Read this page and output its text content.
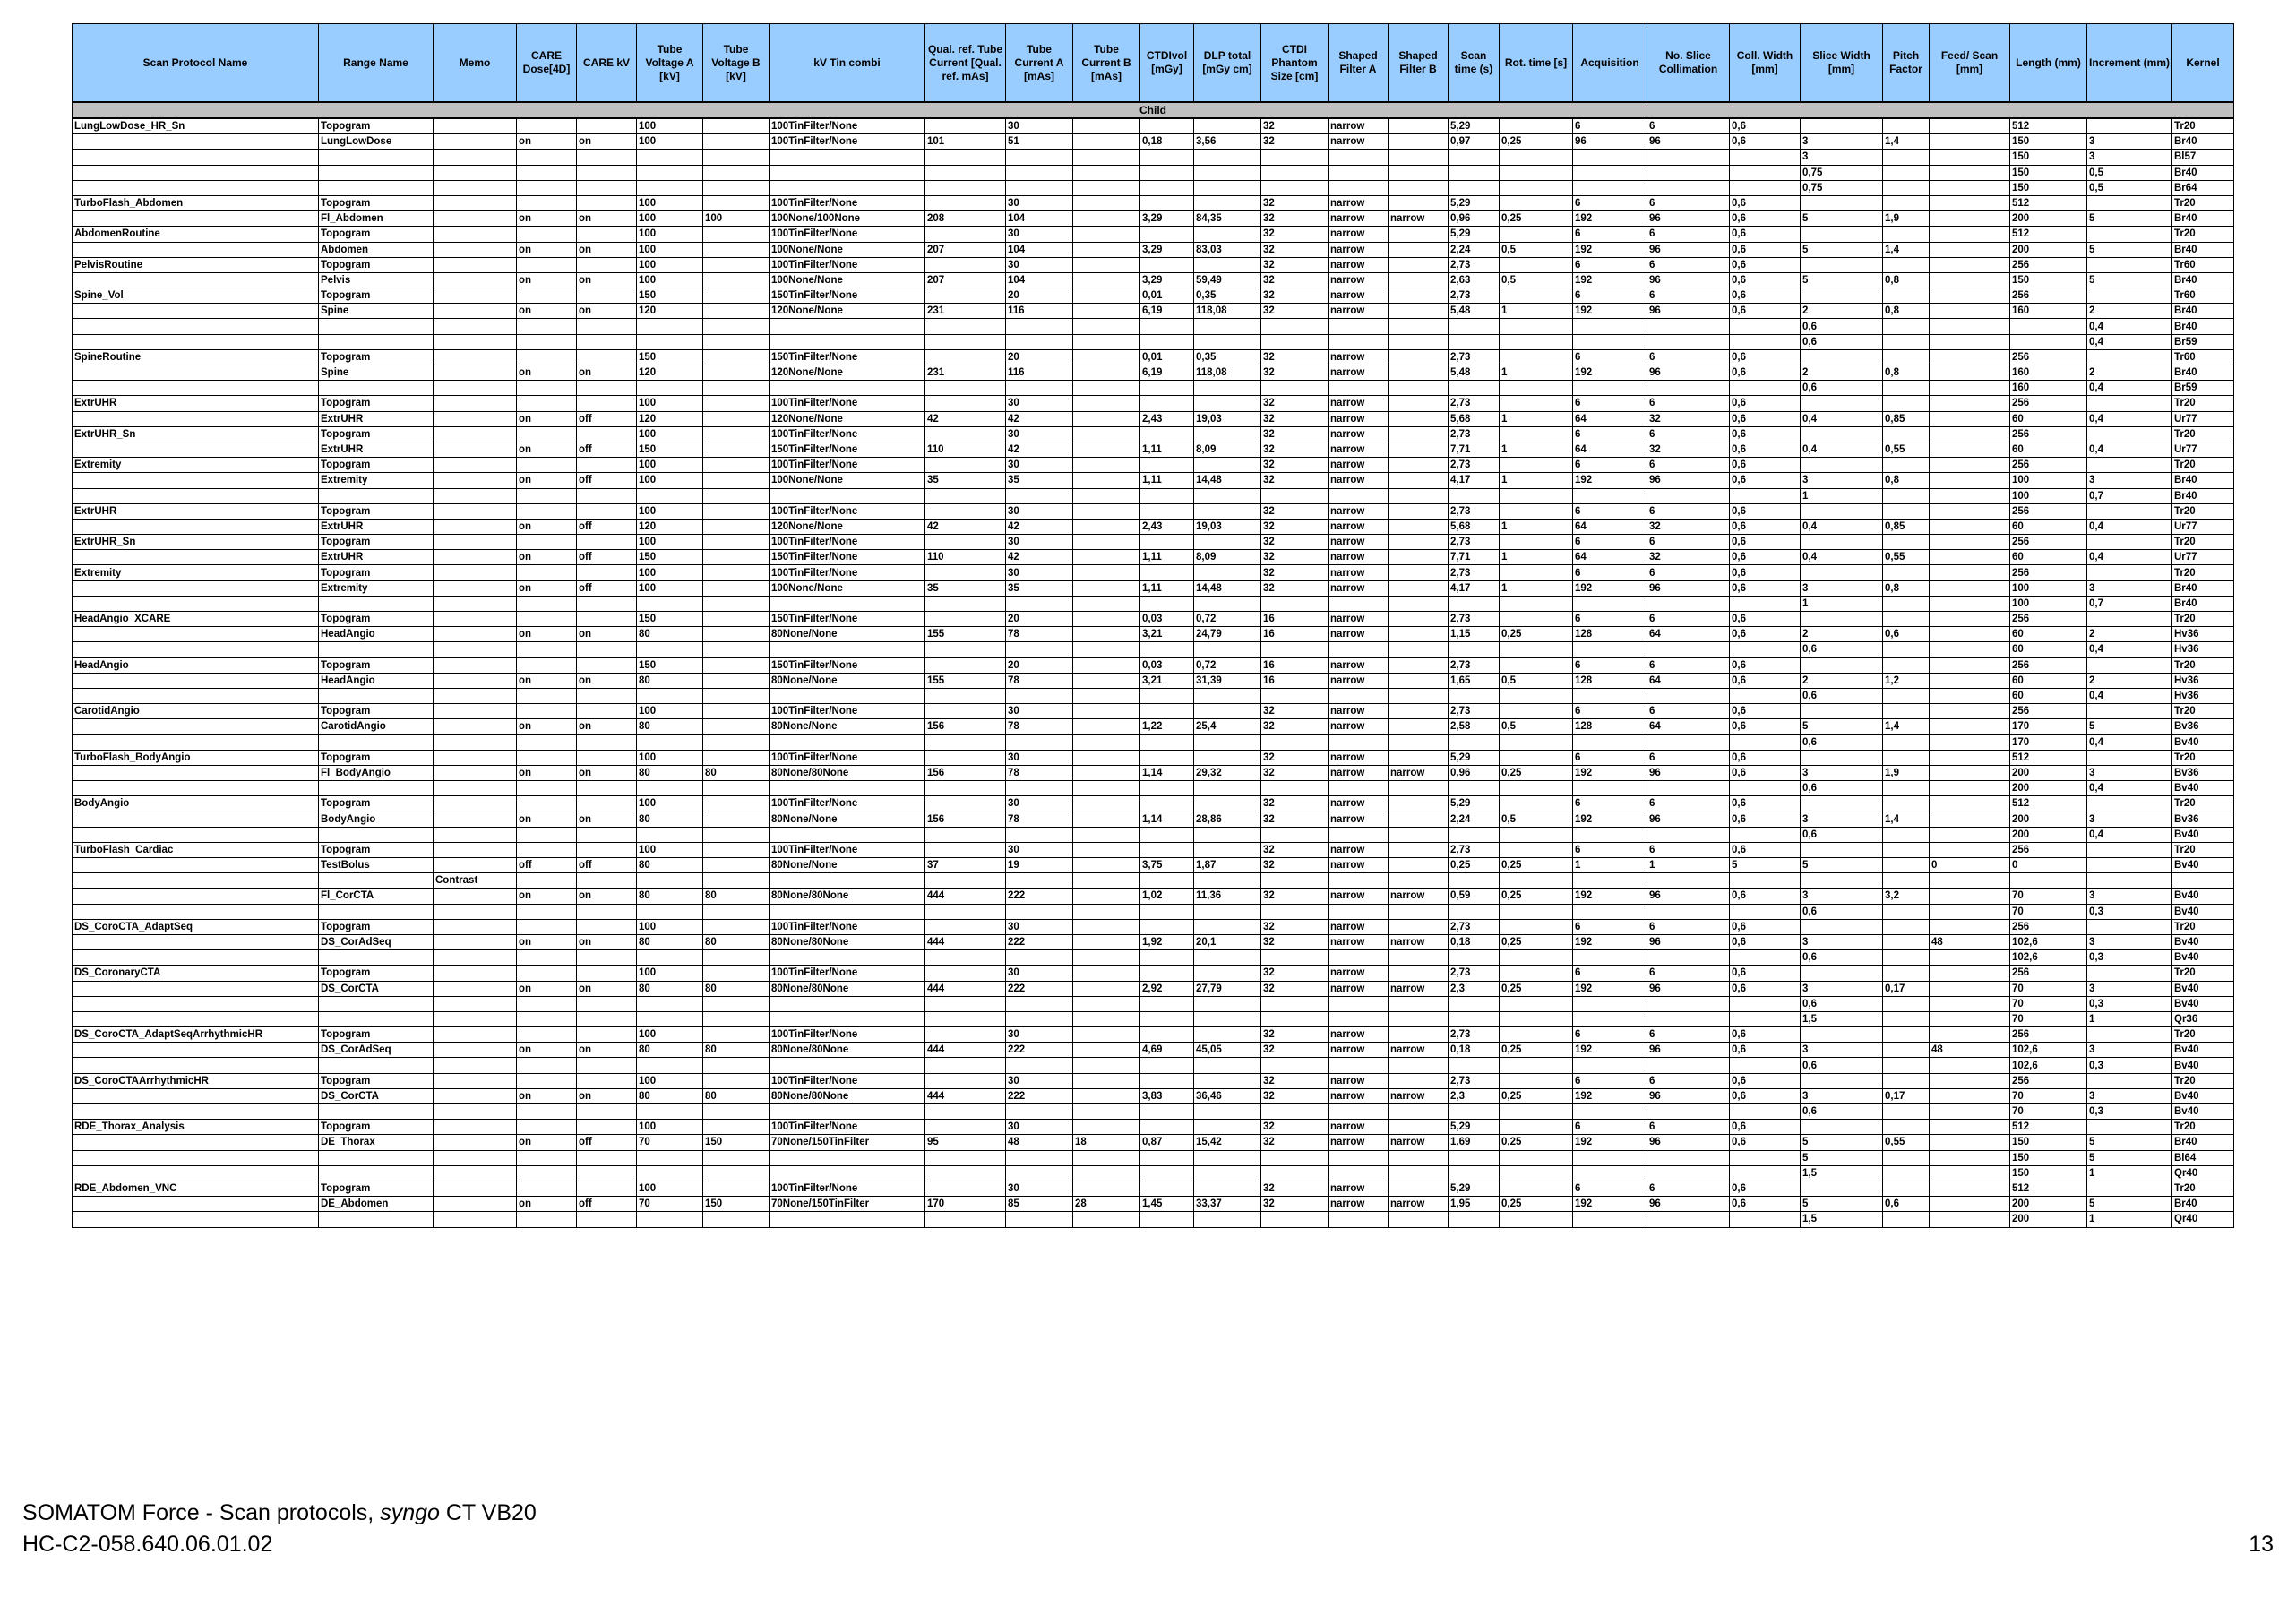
Scan Protocol Name	Range Name	Memo	CARE Dose[4D]	CARE kV	Tube Voltage A [kV]	Tube Voltage B [kV]	kV Tin combi	Qual. ref. Tube Current [Qual. ref. mAs]	Tube Current A [mAs]	Tube Current B [mAs]	CTDIvol [mGy]	DLP total [mGy cm]	CTDI Phantom Size [cm]	Shaped Filter A	Shaped Filter B	Scan time (s)	Rot. time [s]	Acquisition	No. Slice Collimation	Coll. Width [mm]	Slice Width [mm]	Pitch Factor	Feed/ Scan [mm]	Length (mm)	Increment (mm)	Kernel
Child																										
LungLowDose_HR_Sn	Topogram				100		100TinFilter/None		30				32	narrow		5,29		6	6	0,6				512		Tr20
	LungLowDose		on	on	100		100TinFilter/None	101	51		0,18	3,56	32	narrow		0,97	0,25	96	96	0,6	3	1,4		150	3	Br40
																					3			150	3	Bl57
																					0,75			150	0,5	Br40
																					0,75			150	0,5	Br64
TurboFlash_Abdomen	Topogram				100		100TinFilter/None		30				32	narrow		5,29		6	6	0,6				512		Tr20
	Fl_Abdomen		on	on	100	100	100None/100None	208	104		3,29	84,35	32	narrow	narrow	0,96	0,25	192	96	0,6	5	1,9		200	5	Br40
AbdomenRoutine	Topogram				100		100TinFilter/None		30				32	narrow		5,29		6	6	0,6				512		Tr20
	Abdomen		on	on	100		100None/None	207	104		3,29	83,03	32	narrow		2,24	0,5	192	96	0,6	5	1,4		200	5	Br40
PelvisRoutine	Topogram				100		100TinFilter/None		30				32	narrow		2,73		6	6	0,6				256		Tr60
	Pelvis		on	on	100		100None/None	207	104		3,29	59,49	32	narrow		2,63	0,5	192	96	0,6	5	0,8		150	5	Br40
Spine_Vol	Topogram				150		150TinFilter/None		20		0,01	0,35	32	narrow		2,73		6	6	0,6				256		Tr60
	Spine		on	on	120		120None/None	231	116		6,19	118,08	32	narrow		5,48	1	192	96	0,6	2	0,8		160	2	Br40
																					0,6				0,4	Br40
																					0,6				0,4	Br59
SpineRoutine	Topogram				150		150TinFilter/None		20		0,01	0,35	32	narrow		2,73		6	6	0,6				256		Tr60
	Spine		on	on	120		120None/None	231	116		6,19	118,08	32	narrow		5,48	1	192	96	0,6	2	0,8		160	2	Br40
																					0,6			160	0,4	Br59
ExtrUHR	Topogram				100		100TinFilter/None		30				32	narrow		2,73		6	6	0,6				256		Tr20
	ExtrUHR		on	off	120		120None/None	42	42		2,43	19,03	32	narrow		5,68	1	64	32	0,6	0,4	0,85		60	0,4	Ur77
ExtrUHR_Sn	Topogram				100		100TinFilter/None		30				32	narrow		2,73		6	6	0,6				256		Tr20
	ExtrUHR		on	off	150		150TinFilter/None	110	42		1,11	8,09	32	narrow		7,71	1	64	32	0,6	0,4	0,55		60	0,4	Ur77
Extremity	Topogram				100		100TinFilter/None		30				32	narrow		2,73		6	6	0,6				256		Tr20
	Extremity		on	off	100		100None/None	35	35		1,11	14,48	32	narrow		4,17	1	192	96	0,6	3	0,8		100	3	Br40
																					1			100	0,7	Br40
ExtrUHR	Topogram				100		100TinFilter/None		30				32	narrow		2,73		6	6	0,6				256		Tr20
	ExtrUHR		on	off	120		120None/None	42	42		2,43	19,03	32	narrow		5,68	1	64	32	0,6	0,4	0,85		60	0,4	Ur77
ExtrUHR_Sn	Topogram				100		100TinFilter/None		30				32	narrow		2,73		6	6	0,6				256		Tr20
	ExtrUHR		on	off	150		150TinFilter/None	110	42		1,11	8,09	32	narrow		7,71	1	64	32	0,6	0,4	0,55		60	0,4	Ur77
Extremity	Topogram				100		100TinFilter/None		30				32	narrow		2,73		6	6	0,6				256		Tr20
	Extremity		on	off	100		100None/None	35	35		1,11	14,48	32	narrow		4,17	1	192	96	0,6	3	0,8		100	3	Br40
																					1			100	0,7	Br40
HeadAngio_XCARE	Topogram				150		150TinFilter/None		20		0,03	0,72	16	narrow		2,73		6	6	0,6				256		Tr20
	HeadAngio		on	on	80		80None/None	155	78		3,21	24,79	16	narrow		1,15	0,25	128	64	0,6	2	0,6		60	2	Hv36
																					0,6			60	0,4	Hv36
HeadAngio	Topogram				150		150TinFilter/None		20		0,03	0,72	16	narrow		2,73		6	6	0,6				256		Tr20
	HeadAngio		on	on	80		80None/None	155	78		3,21	31,39	16	narrow		1,65	0,5	128	64	0,6	2	1,2		60	2	Hv36
																					0,6			60	0,4	Hv36
CarotidAngio	Topogram				100		100TinFilter/None		30				32	narrow		2,73		6	6	0,6				256		Tr20
	CarotidAngio		on	on	80		80None/None	156	78		1,22	25,4	32	narrow		2,58	0,5	128	64	0,6	5	1,4		170	5	Bv36
																					0,6			170	0,4	Bv40
TurboFlash_BodyAngio	Topogram				100		100TinFilter/None		30				32	narrow		5,29		6	6	0,6				512		Tr20
	Fl_BodyAngio		on	on	80	80	80None/80None	156	78		1,14	29,32	32	narrow	narrow	0,96	0,25	192	96	0,6	3	1,9		200	3	Bv36
																					0,6			200	0,4	Bv40
BodyAngio	Topogram				100		100TinFilter/None		30				32	narrow		5,29		6	6	0,6				512		Tr20
	BodyAngio		on	on	80		80None/None	156	78		1,14	28,86	32	narrow		2,24	0,5	192	96	0,6	3	1,4		200	3	Bv36
																					0,6			200	0,4	Bv40
TurboFlash_Cardiac	Topogram				100		100TinFilter/None		30				32	narrow		2,73		6	6	0,6				256		Tr20
	TestBolus		off	off	80		80None/None	37	19		3,75	1,87	32	narrow		0,25	0,25	1	1	5	5		0	0		Bv40
		Contrast																								
	Fl_CorCTA		on	on	80	80	80None/80None	444	222		1,02	11,36	32	narrow	narrow	0,59	0,25	192	96	0,6	3	3,2		70	3	Bv40
																					0,6			70	0,3	Bv40
DS_CoroCTA_AdaptSeq	Topogram				100		100TinFilter/None		30				32	narrow		2,73		6	6	0,6				256		Tr20
	DS_CorAdSeq		on	on	80	80	80None/80None	444	222		1,92	20,1	32	narrow	narrow	0,18	0,25	192	96	0,6	3		48	102,6	3	Bv40
																					0,6			102,6	0,3	Bv40
DS_CoronaryCTA	Topogram				100		100TinFilter/None		30				32	narrow		2,73		6	6	0,6				256		Tr20
	DS_CorCTA		on	on	80	80	80None/80None	444	222		2,92	27,79	32	narrow	narrow	2,3	0,25	192	96	0,6	3	0,17		70	3	Bv40
																					0,6			70	0,3	Bv40
																					1,5			70	1	Qr36
DS_CoroCTA_AdaptSeqArrhythmicHR	Topogram				100		100TinFilter/None		30				32	narrow		2,73		6	6	0,6				256		Tr20
	DS_CorAdSeq		on	on	80	80	80None/80None	444	222		4,69	45,05	32	narrow	narrow	0,18	0,25	192	96	0,6	3		48	102,6	3	Bv40
																					0,6			102,6	0,3	Bv40
DS_CoroCTAArrhythmicHR	Topogram				100		100TinFilter/None		30				32	narrow		2,73		6	6	0,6				256		Tr20
	DS_CorCTA		on	on	80	80	80None/80None	444	222		3,83	36,46	32	narrow	narrow	2,3	0,25	192	96	0,6	3	0,17		70	3	Bv40
																					0,6			70	0,3	Bv40
RDE_Thorax_Analysis	Topogram				100		100TinFilter/None		30				32	narrow		5,29		6	6	0,6				512		Tr20
	DE_Thorax		on	off	70	150	70None/150TinFilter	95	48	18	0,87	15,42	32	narrow	narrow	1,69	0,25	192	96	0,6	5	0,55		150	5	Br40
																					5			150	5	Bl64
																					1,5			150	1	Qr40
RDE_Abdomen_VNC	Topogram				100		100TinFilter/None		30				32	narrow		5,29		6	6	0,6				512		Tr20
	DE_Abdomen		on	off	70	150	70None/150TinFilter	170	85	28	1,45	33,37	32	narrow	narrow	1,95	0,25	192	96	0,6	5	0,6		200	5	Br40
																					1,5			200	1	Qr40
SOMATOM Force - Scan protocols, syngo CT VB20
HC-C2-058.640.06.01.02	13
